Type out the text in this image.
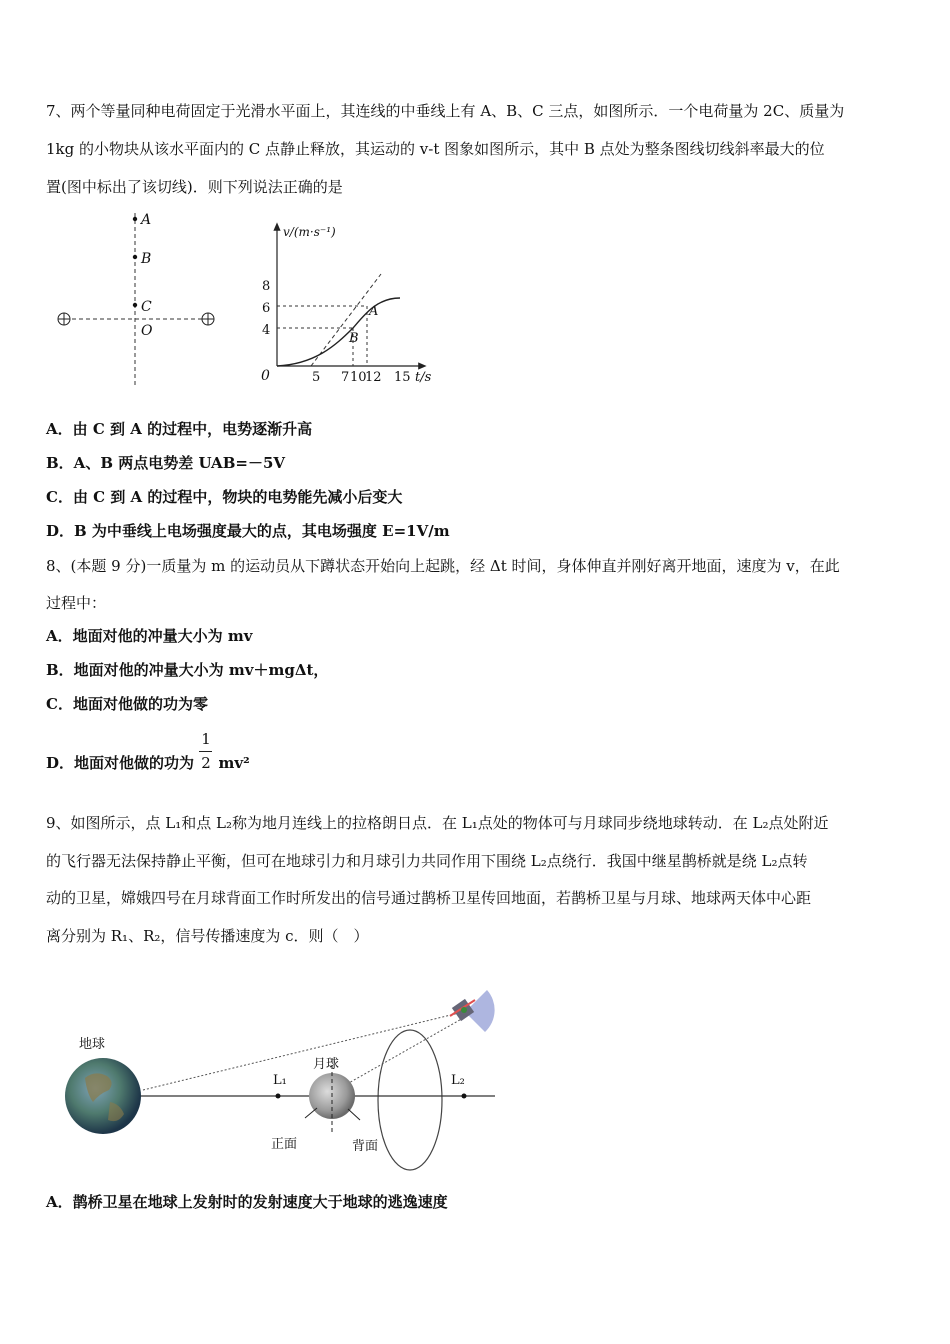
7、两个等量同种电荷固定于光滑水平面上，其连线的中垂线上有 A、B、C 三点，如图所示．一个电荷量为 2C、质量为
1kg 的小物块从该水平面内的 C 点静止释放，其运动的 v-t 图象如图所示，其中 B 点处为整条图线切线斜率最大的位
置(图中标出了该切线)．则下列说法正确的是
A
B
C
O
v/(m·s⁻¹)
t/s
0
8
6
4
5 7 10
12 15
A
B
A．由 C 到 A 的过程中，电势逐渐升高
B．A、B 两点电势差 UAB=－5V
C．由 C 到 A 的过程中，物块的电势能先减小后变大
D．B 为中垂线上电场强度最大的点，其电场强度 E=1V/m
8、(本题 9 分)一质量为 m 的运动员从下蹲状态开始向上起跳，经 Δt 时间，身体伸直并刚好离开地面，速度为 v，在此
过程中：
A．地面对他的冲量大小为 mv
B．地面对他的冲量大小为 mv＋mgΔt，
C．地面对他做的功为零
D．地面对他做的功为 $\frac{1}{2} mv^2$
9、如图所示，点 L₁和点 L₂称为地月连线上的拉格朗日点．在 L₁点处的物体可与月球同步绕地球转动．在 L₂点处附近
的飞行器无法保持静止平衡，但可在地球引力和月球引力共同作用下围绕 L₂点绕行．我国中继星鹊桥就是绕 L₂点转
动的卫星，嫦娥四号在月球背面工作时所发出的信号通过鹊桥卫星传回地面，若鹊桥卫星与月球、地球两天体中心距
离分别为 R₁、R₂，信号传播速度为 c．则（　）
地球
月球
L₁	L₂
正面	背面
A．鹊桥卫星在地球上发射时的发射速度大于地球的逃逸速度
